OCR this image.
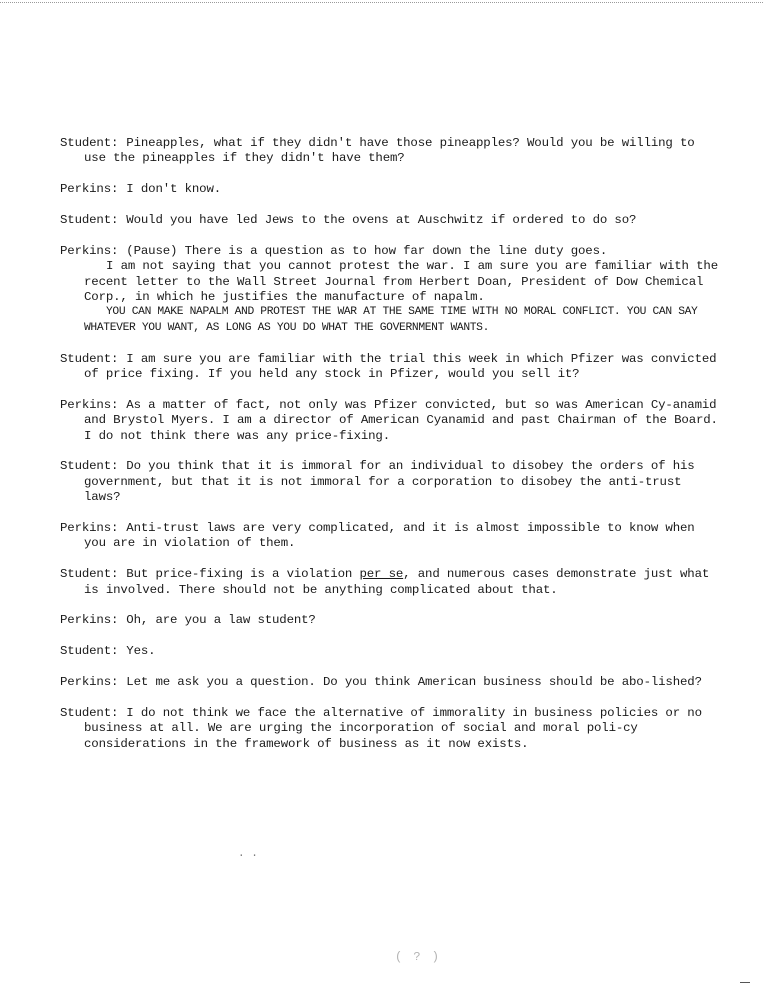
Student: Pineapples, what if they didn't have those pineapples? Would you be willing to use the pineapples if they didn't have them?
Perkins: I don't know.
Student: Would you have led Jews to the ovens at Auschwitz if ordered to do so?
Perkins: (Pause) There is a question as to how far down the line duty goes.

I am not saying that you cannot protest the war. I am sure you are familiar with the recent letter to the Wall Street Journal from Herbert Doan, President of Dow Chemical Corp., in which he justifies the manufacture of napalm.

YOU CAN MAKE NAPALM AND PROTEST THE WAR AT THE SAME TIME WITH NO MORAL CONFLICT. YOU CAN SAY WHATEVER YOU WANT, AS LONG AS YOU DO WHAT THE GOVERNMENT WANTS.

Student: I am sure you are familiar with the trial this week in which Pfizer was convicted of price fixing. If you held any stock in Pfizer, would you sell it?
Perkins: As a matter of fact, not only was Pfizer convicted, but so was American Cy-anamid and Brystol Myers. I am a director of American Cyanamid and past Chairman of the Board. I do not think there was any price-fixing.
Student: Do you think that it is immoral for an individual to disobey the orders of his government, but that it is not immoral for a corporation to disobey the anti-trust laws?
Perkins: Anti-trust laws are very complicated, and it is almost impossible to know when you are in violation of them.
Student: But price-fixing is a violation per se, and numerous cases demonstrate just what is involved. There should not be anything complicated about that.
Perkins: Oh, are you a law student?
Student: Yes.
Perkins: Let me ask you a question. Do you think American business should be abo-lished?
Student: I do not think we face the alternative of immorality in business policies or no business at all. We are urging the incorporation of social and moral poli-cy considerations in the framework of business as it now exists.
. .
( ? )
